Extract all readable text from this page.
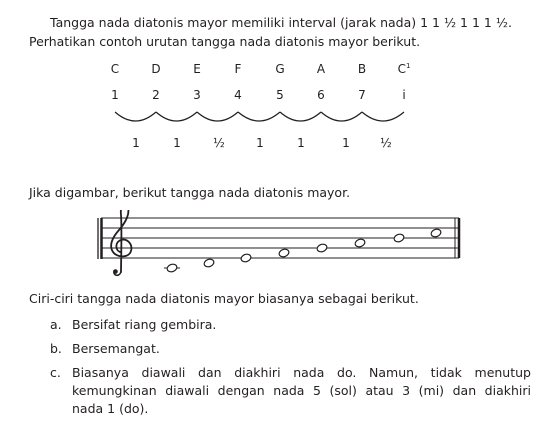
Tangga nada diatonis mayor memiliki interval (jarak nada) 1 1 ½ 1 1 1 ½.
Perhatikan contoh urutan tangga nada diatonis mayor berikut.
C	D	E	F	G	A	B	$C^1$
1	2	3	4	5	6	7	i
1	1	½	1	1	1	½
Jika digambar, berikut tangga nada diatonis mayor.
Ciri-ciri tangga nada diatonis mayor biasanya sebagai berikut.
a. Bersifat riang gembira.
b. Bersemangat.
c. Biasanya diawali dan diakhiri nada do. Namun, tidak menutup
kemungkinan diawali dengan nada 5 (sol) atau 3 (mi) dan diakhiri
nada 1 (do).
